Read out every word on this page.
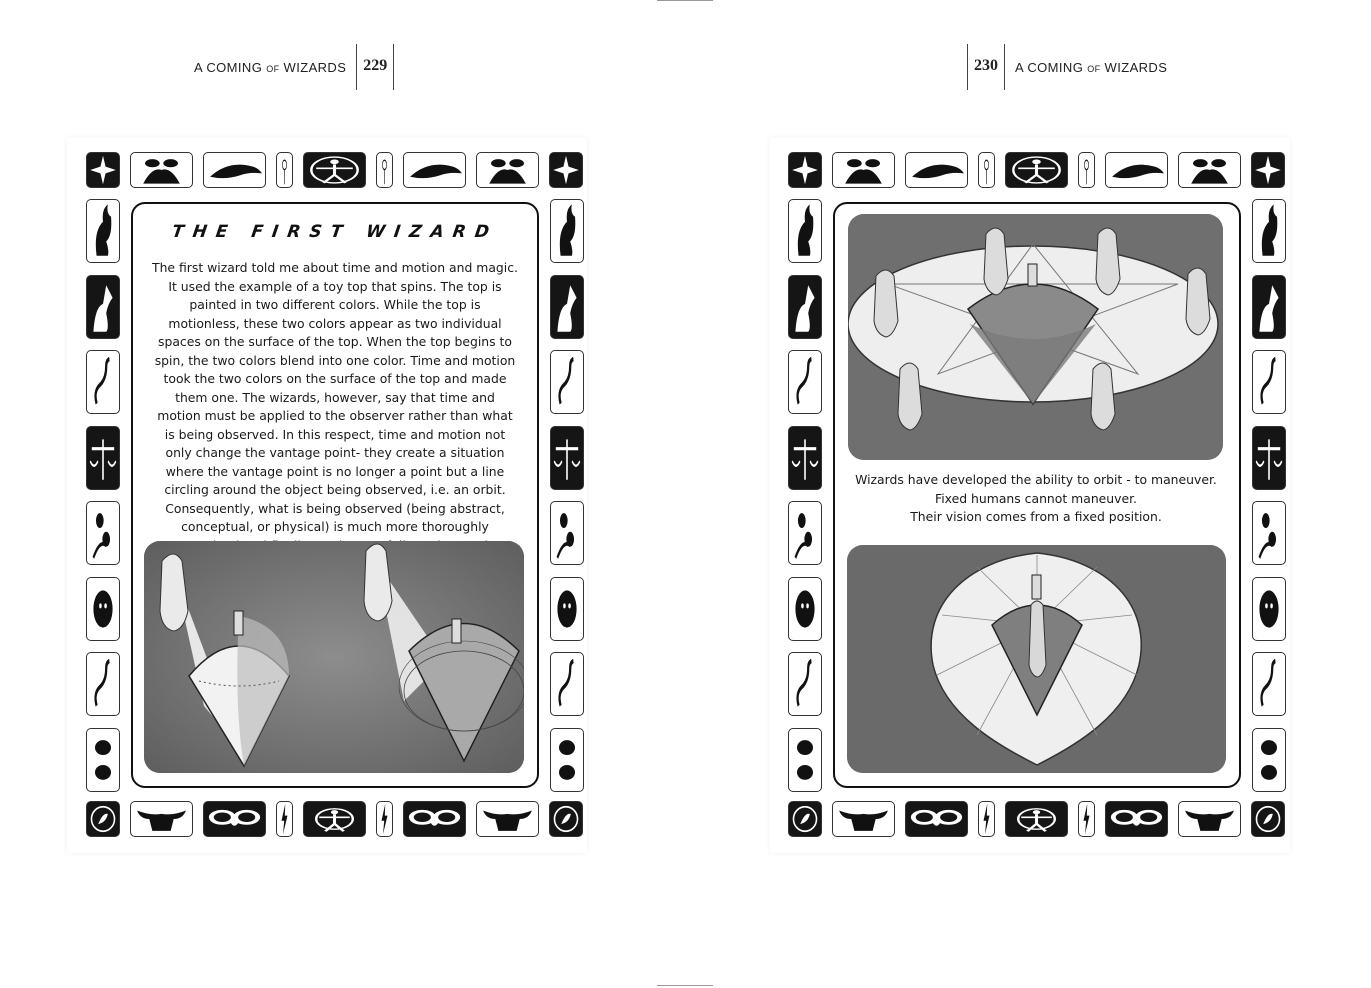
A COMING OF WIZARDS	229	230	A COMING OF WIZARDS
THE FIRST WIZARD
The first wizard told me about time and motion and magic. It used the example of a toy top that spins. The top is painted in two different colors. While the top is motionless, these two colors appear as two individual spaces on the surface of the top. When the top begins to spin, the two colors blend into one color. Time and motion took the two colors on the surface of the top and made them one. The wizards, however, say that time and motion must be applied to the observer rather than what is being observed. In this respect, time and motion not only change the vantage point- they create a situation where the vantage point is no longer a point but a line circling around the object being observed, i.e. an orbit. Consequently, what is being observed (being abstract, conceptual, or physical) is much more thoroughly
Wizards have developed the ability to orbit - to maneuver.
Fixed humans cannot maneuver.
Their vision comes from a fixed position.
